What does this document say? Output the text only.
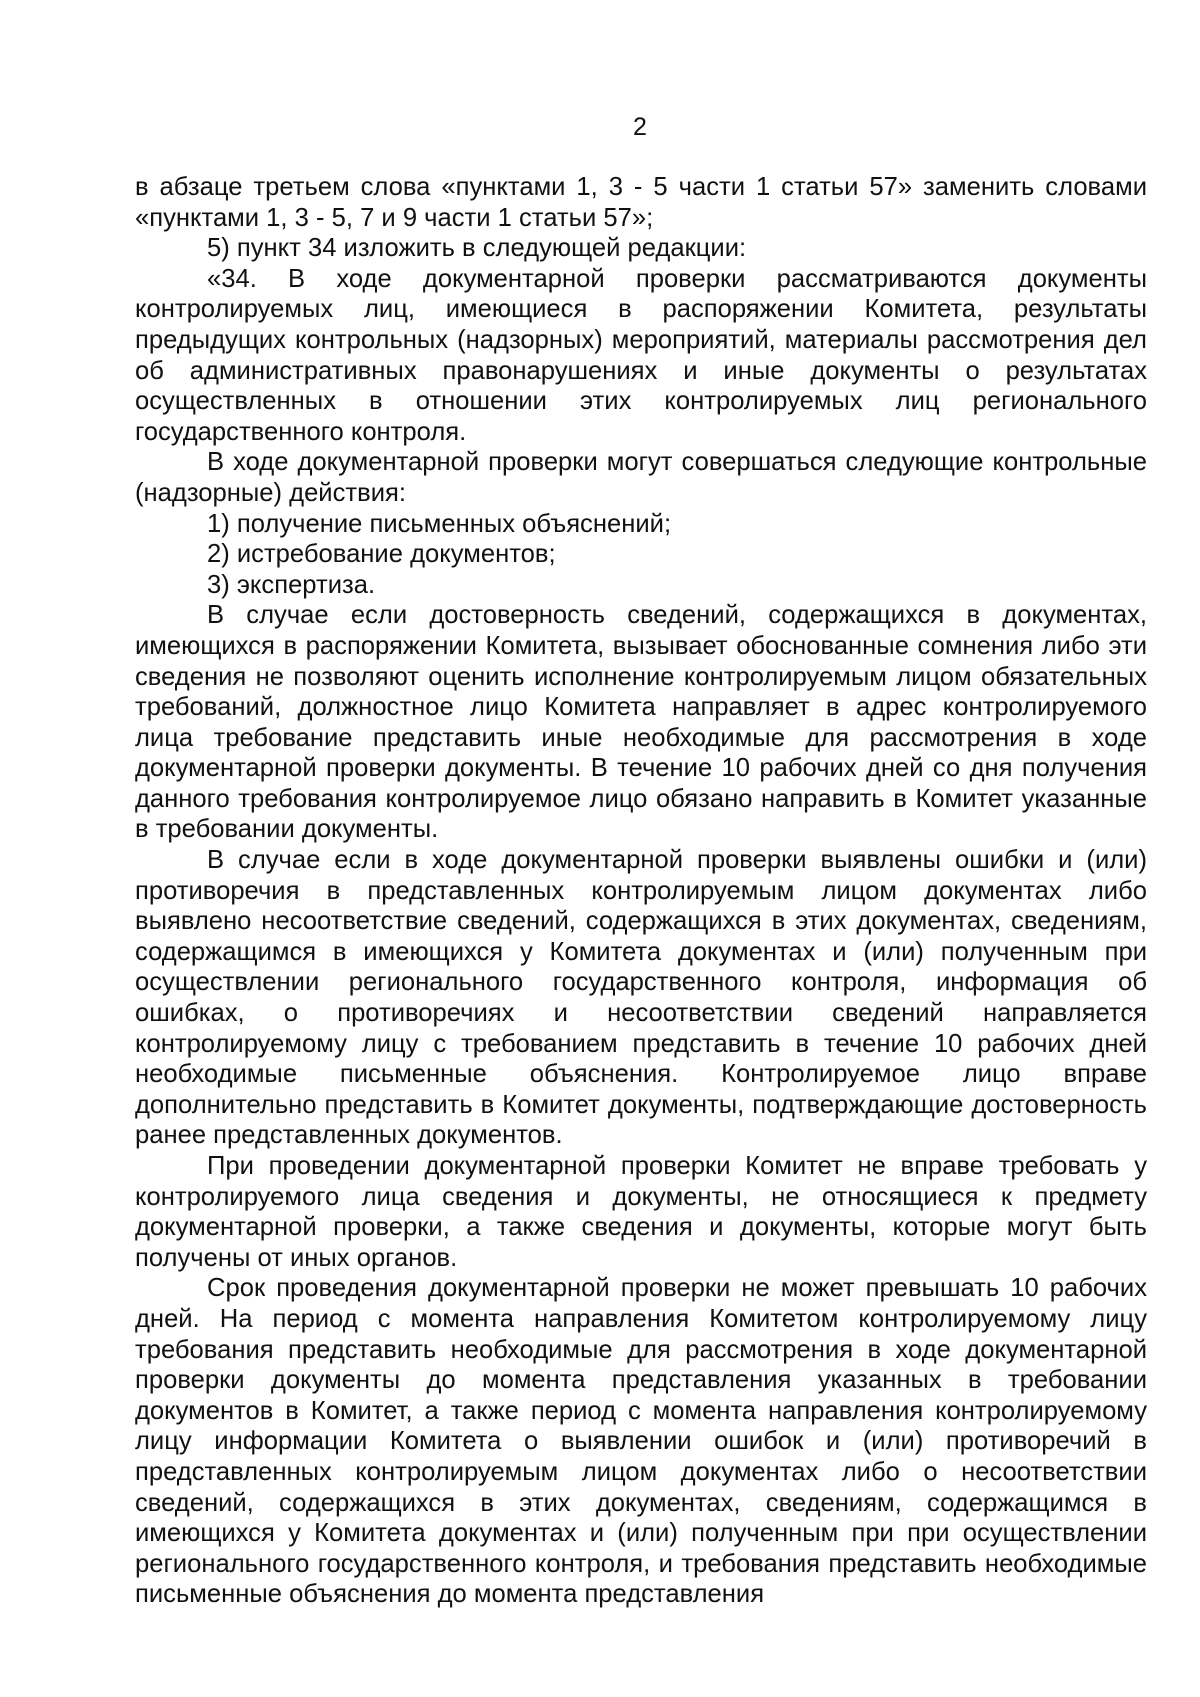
2

в абзаце третьем слова «пунктами 1, 3 - 5 части 1 статьи 57» заменить словами «пунктами 1, 3 - 5, 7 и 9 части 1 статьи 57»;

5) пункт 34 изложить в следующей редакции:

«34. В ходе документарной проверки рассматриваются документы контролируемых лиц, имеющиеся в распоряжении Комитета, результаты предыдущих контрольных (надзорных) мероприятий, материалы рассмотрения дел об административных правонарушениях и иные документы о результатах осуществленных в отношении этих контролируемых лиц регионального государственного контроля.

В ходе документарной проверки могут совершаться следующие контрольные (надзорные) действия:

1) получение письменных объяснений;

2) истребование документов;

3) экспертиза.

В случае если достоверность сведений, содержащихся в документах, имеющихся в распоряжении Комитета, вызывает обоснованные сомнения либо эти сведения не позволяют оценить исполнение контролируемым лицом обязательных требований, должностное лицо Комитета направляет в адрес контролируемого лица требование представить иные необходимые для рассмотрения в ходе документарной проверки документы. В течение 10 рабочих дней со дня получения данного требования контролируемое лицо обязано направить в Комитет указанные в требовании документы.

В случае если в ходе документарной проверки выявлены ошибки и (или) противоречия в представленных контролируемым лицом документах либо выявлено несоответствие сведений, содержащихся в этих документах, сведениям, содержащимся в имеющихся у Комитета документах и (или) полученным при осуществлении регионального государственного контроля, информация об ошибках, о противоречиях и несоответствии сведений направляется контролируемому лицу с требованием представить в течение 10 рабочих дней необходимые письменные объяснения. Контролируемое лицо вправе дополнительно представить в Комитет документы, подтверждающие достоверность ранее представленных документов.

При проведении документарной проверки Комитет не вправе требовать у контролируемого лица сведения и документы, не относящиеся к предмету документарной проверки, а также сведения и документы, которые могут быть получены от иных органов.

Срок проведения документарной проверки не может превышать 10 рабочих дней. На период с момента направления Комитетом контролируемому лицу требования представить необходимые для рассмотрения в ходе документарной проверки документы до момента представления указанных в требовании документов в Комитет, а также период с момента направления контролируемому лицу информации Комитета о выявлении ошибок и (или) противоречий в представленных контролируемым лицом документах либо о несоответствии сведений, содержащихся в этих документах, сведениям, содержащимся в имеющихся у Комитета документах и (или) полученным при при осуществлении регионального государственного контроля, и требования представить необходимые письменные объяснения до момента представления
